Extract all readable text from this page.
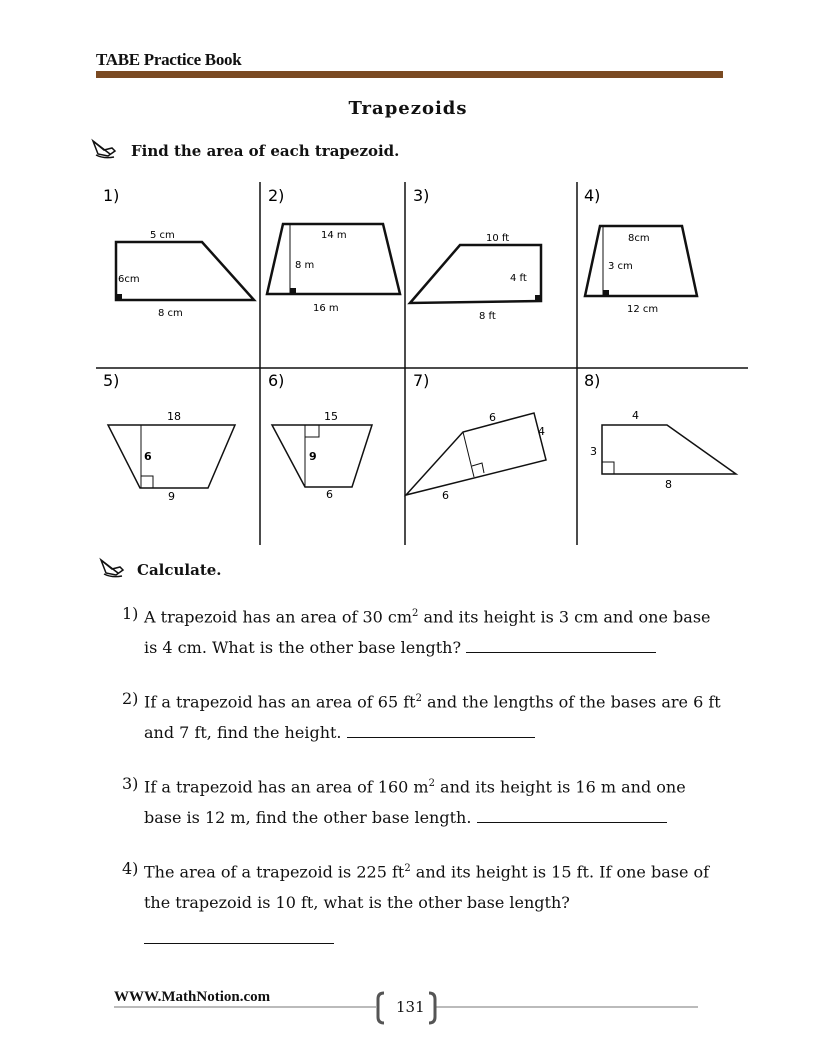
TABE Practice Book
Trapezoids
Find the area of each trapezoid.
1)
5 cm
6cm
8 cm
2)
14 m
8 m
16 m
3)
10 ft
4 ft
8 ft
4)
8cm
3 cm
12 cm
5)
18
6
9
6)
15
9
6
7)
6
4
6
8)
4
3
8
Calculate.
1) A trapezoid has an area of 30 $cm^2$ and its height is 3 cm and one base
is 4 cm. What is the other base length?
2) If a trapezoid has an area of 65 $ft^2$ and the lengths of the bases are 6 ft
and 7 ft, find the height.
3) If a trapezoid has an area of 160 $m^2$ and its height is 16 m and one
base is 12 m, find the other base length.
4) The area of a trapezoid is 225 $ft^2$ and its height is 15 ft. If one base of
the trapezoid is 10 ft, what is the other base length?
WWW.MathNotion.com
131
